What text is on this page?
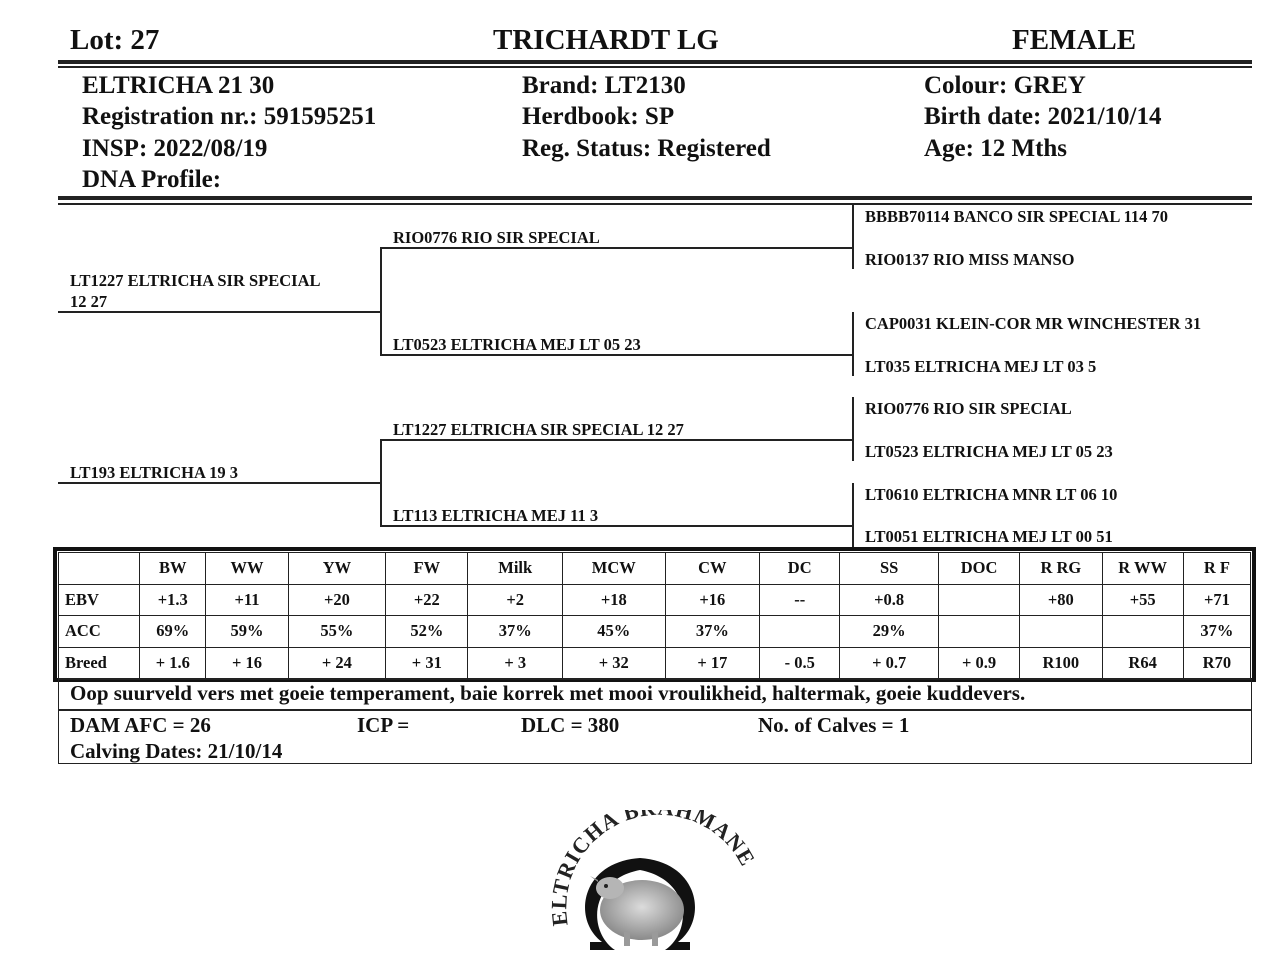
Lot: 27	TRICHARDT LG	FEMALE
ELTRICHA 21 30
Registration nr.: 591595251
INSP: 2022/08/19
DNA Profile:
Brand: LT2130
Herdbook: SP
Reg. Status: Registered
Colour: GREY
Birth date: 2021/10/14
Age: 12 Mths
LT1227 ELTRICHA SIR SPECIAL
12 27
LT193 ELTRICHA 19 3
RIO0776 RIO SIR SPECIAL
LT0523 ELTRICHA MEJ LT 05 23
LT1227 ELTRICHA SIR SPECIAL 12 27
LT113 ELTRICHA MEJ 11 3
BBBB70114 BANCO SIR SPECIAL 114 70
RIO0137 RIO MISS MANSO
CAP0031 KLEIN-COR MR WINCHESTER 31
LT035 ELTRICHA MEJ LT 03 5
RIO0776 RIO SIR SPECIAL
LT0523 ELTRICHA MEJ LT 05 23
LT0610 ELTRICHA MNR LT 06 10
LT0051 ELTRICHA MEJ LT 00 51
	BW	WW	YW	FW	Milk	MCW	CW	DC	SS	DOC	R RG	R WW	R F
EBV	+1.3	+11	+20	+22	+2	+18	+16	--	+0.8		+80	+55	+71
ACC	69%	59%	55%	52%	37%	45%	37%		29%				37%
Breed	+ 1.6	+ 16	+ 24	+ 31	+ 3	+ 32	+ 17	- 0.5	+ 0.7	+ 0.9	R100	R64	R70
Oop suurveld vers met goeie temperament, baie korrek met mooi vroulikheid, haltermak, goeie kuddevers.
DAM AFC = 26	ICP =	DLC = 380	No. of Calves = 1
Calving Dates: 21/10/14
ELTRICHA B HMANE
